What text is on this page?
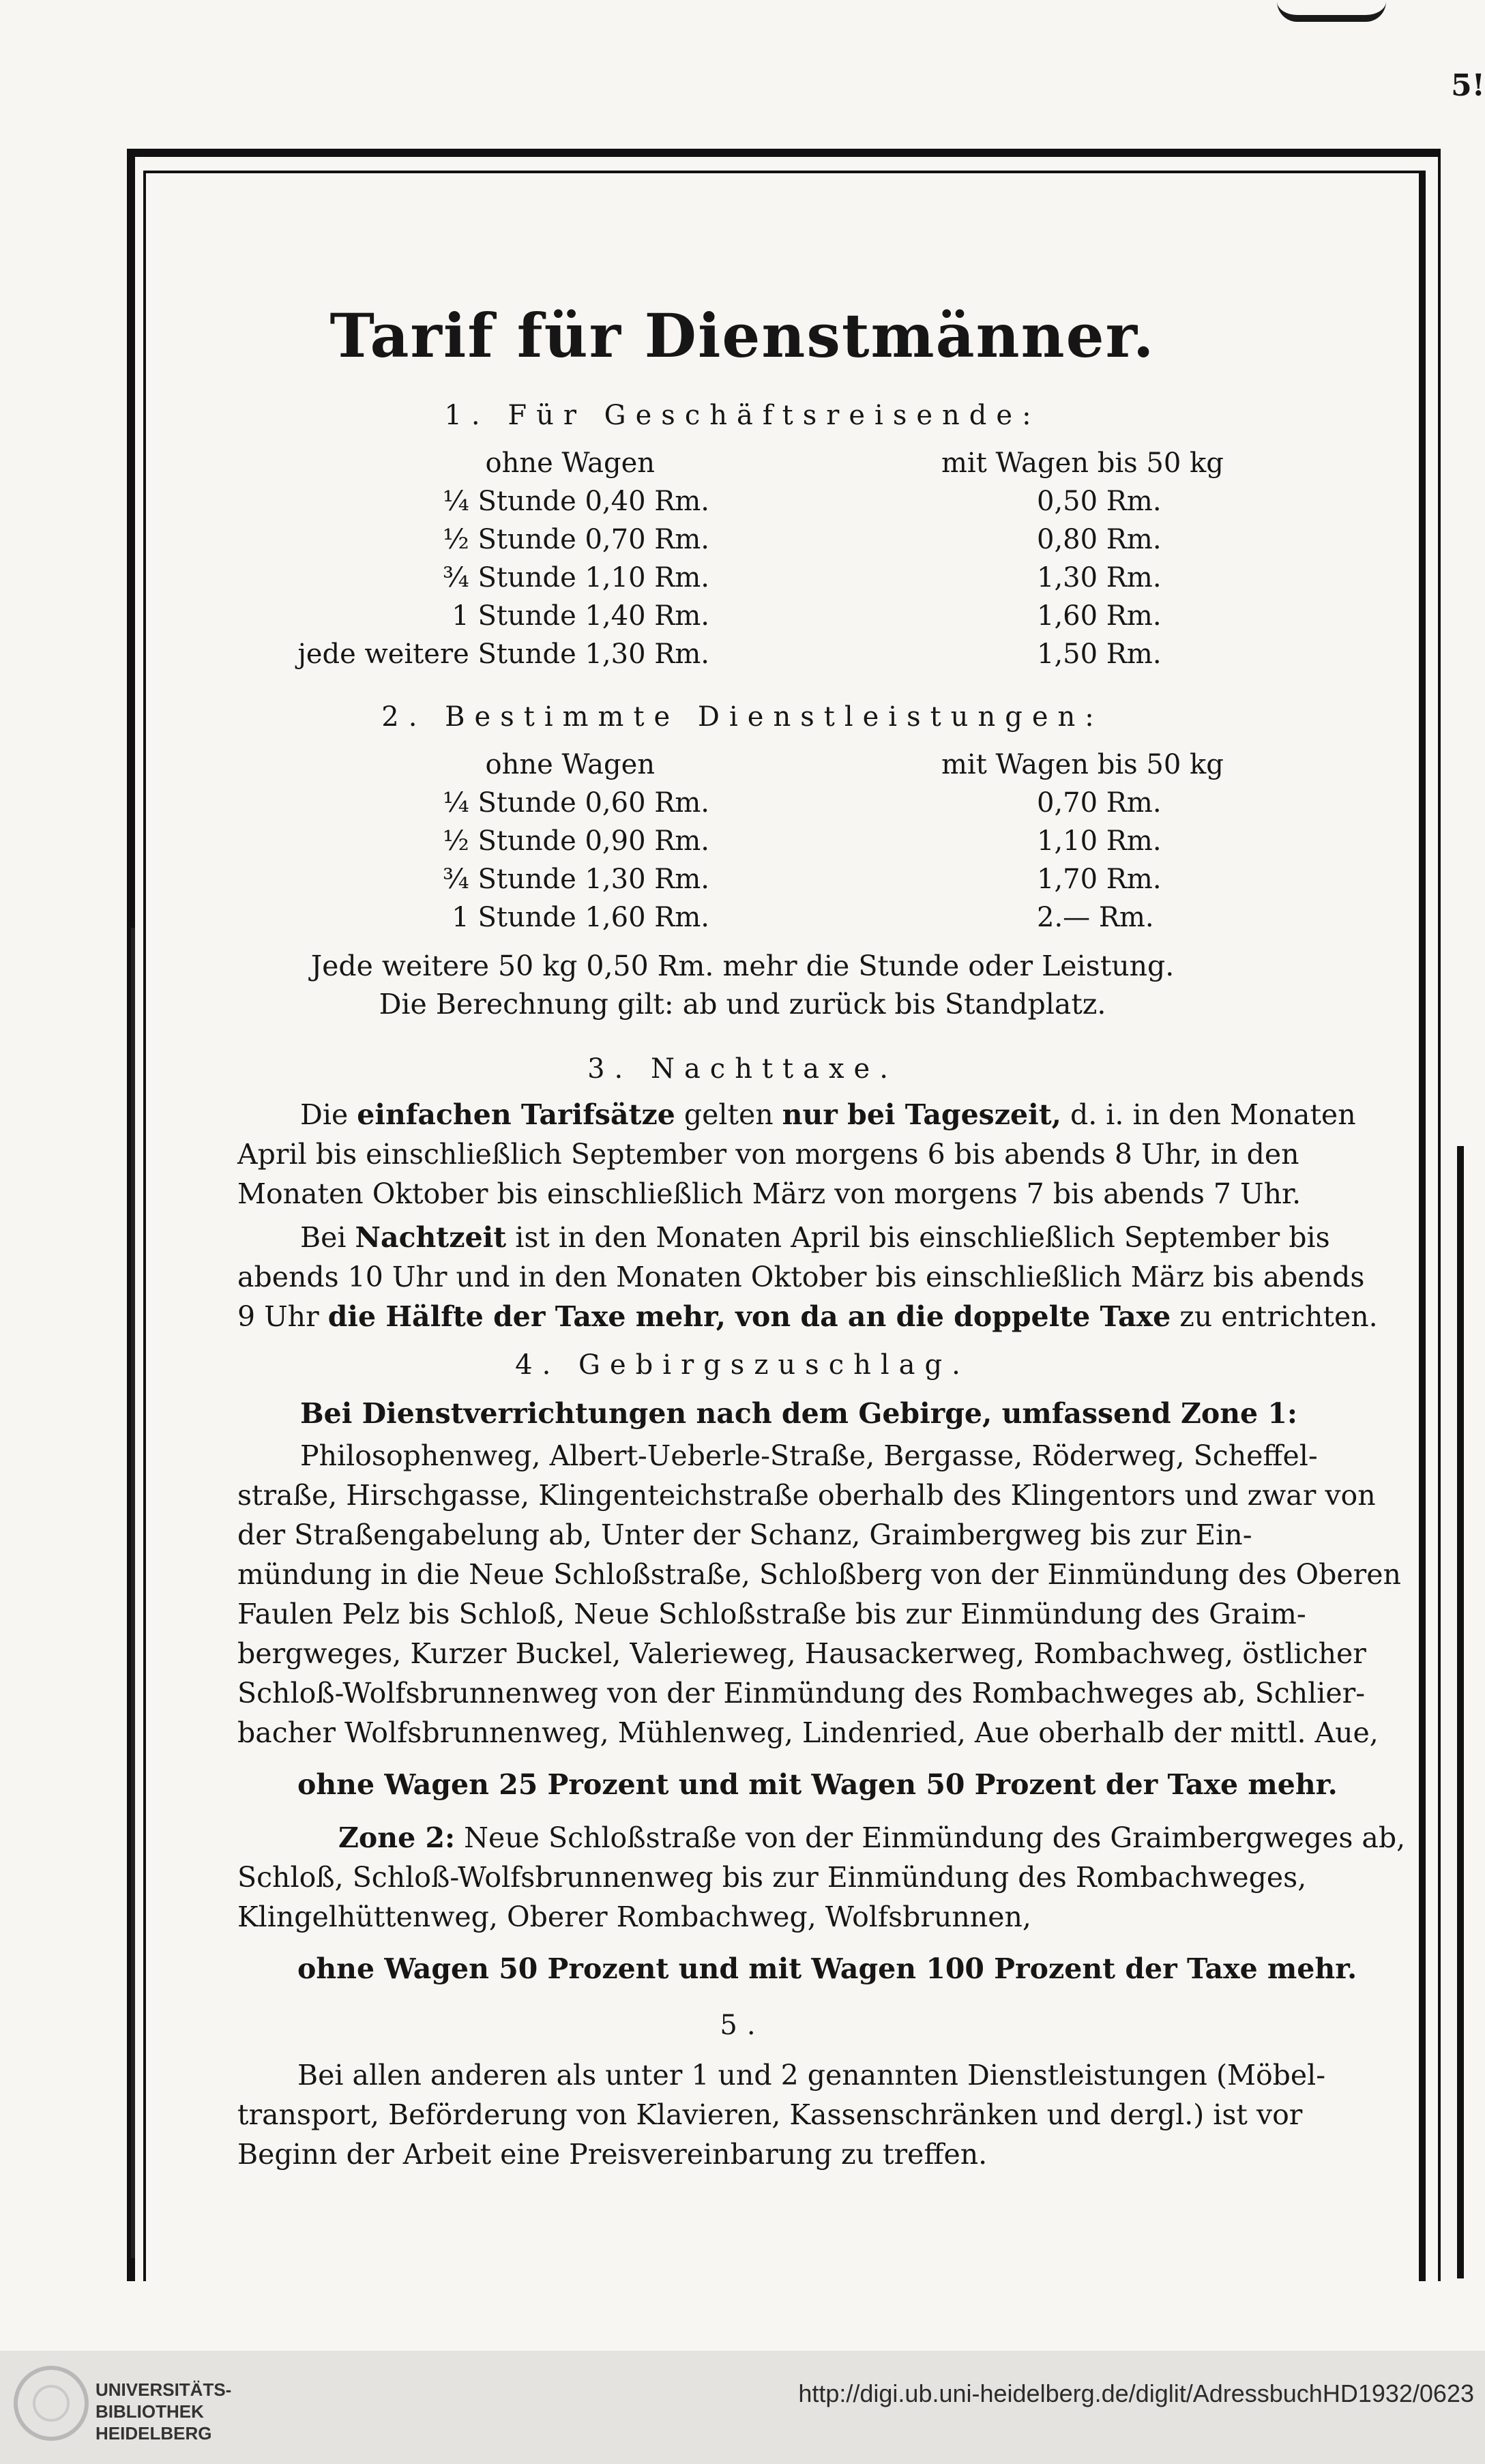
5!
Tarif für Dienstmänner.
1. Für Geschäftsreisende:
ohne Wagen	mit Wagen bis 50 kg
¼ Stunde 0,40 Rm.	0,50 Rm.
½ Stunde 0,70 Rm.	0,80 Rm.
¾ Stunde 1,10 Rm.	1,30 Rm.
1 Stunde 1,40 Rm.	1,60 Rm.
jede weitere Stunde 1,30 Rm.	1,50 Rm.
2. Bestimmte Dienstleistungen:
ohne Wagen	mit Wagen bis 50 kg
¼ Stunde 0,60 Rm.	0,70 Rm.
½ Stunde 0,90 Rm.	1,10 Rm.
¾ Stunde 1,30 Rm.	1,70 Rm.
1 Stunde 1,60 Rm.	2.— Rm.
Jede weitere 50 kg 0,50 Rm. mehr die Stunde oder Leistung.
Die Berechnung gilt: ab und zurück bis Standplatz.
3. Nachttaxe.
Die einfachen Tarifsätze gelten nur bei Tageszeit, d. i. in den Monaten
April bis einschließlich September von morgens 6 bis abends 8 Uhr, in den
Monaten Oktober bis einschließlich März von morgens 7 bis abends 7 Uhr.
Bei Nachtzeit ist in den Monaten April bis einschließlich September bis
abends 10 Uhr und in den Monaten Oktober bis einschließlich März bis abends
9 Uhr die Hälfte der Taxe mehr, von da an die doppelte Taxe zu entrichten.
4. Gebirgszuschlag.
Bei Dienstverrichtungen nach dem Gebirge, umfassend Zone 1:
Philosophenweg, Albert-Ueberle-Straße, Bergasse, Röderweg, Scheffel-
straße, Hirschgasse, Klingenteichstraße oberhalb des Klingentors und zwar von
der Straßengabelung ab, Unter der Schanz, Graimbergweg bis zur Ein-
mündung in die Neue Schloßstraße, Schloßberg von der Einmündung des Oberen
Faulen Pelz bis Schloß, Neue Schloßstraße bis zur Einmündung des Graim-
bergweges, Kurzer Buckel, Valerieweg, Hausackerweg, Rombachweg, östlicher
Schloß-Wolfsbrunnenweg von der Einmündung des Rombachweges ab, Schlier-
bacher Wolfsbrunnenweg, Mühlenweg, Lindenried, Aue oberhalb der mittl. Aue,
ohne Wagen 25 Prozent und mit Wagen 50 Prozent der Taxe mehr.
Zone 2: Neue Schloßstraße von der Einmündung des Graimbergweges ab,
Schloß, Schloß-Wolfsbrunnenweg bis zur Einmündung des Rombachweges,
Klingelhüttenweg, Oberer Rombachweg, Wolfsbrunnen,
ohne Wagen 50 Prozent und mit Wagen 100 Prozent der Taxe mehr.
5.
Bei allen anderen als unter 1 und 2 genannten Dienstleistungen (Möbel-
transport, Beförderung von Klavieren, Kassenschränken und dergl.) ist vor
Beginn der Arbeit eine Preisvereinbarung zu treffen.
UNIVERSITÄTS-
BIBLIOTHEK
HEIDELBERG
http://digi.ub.uni-heidelberg.de/diglit/AdressbuchHD1932/0623
